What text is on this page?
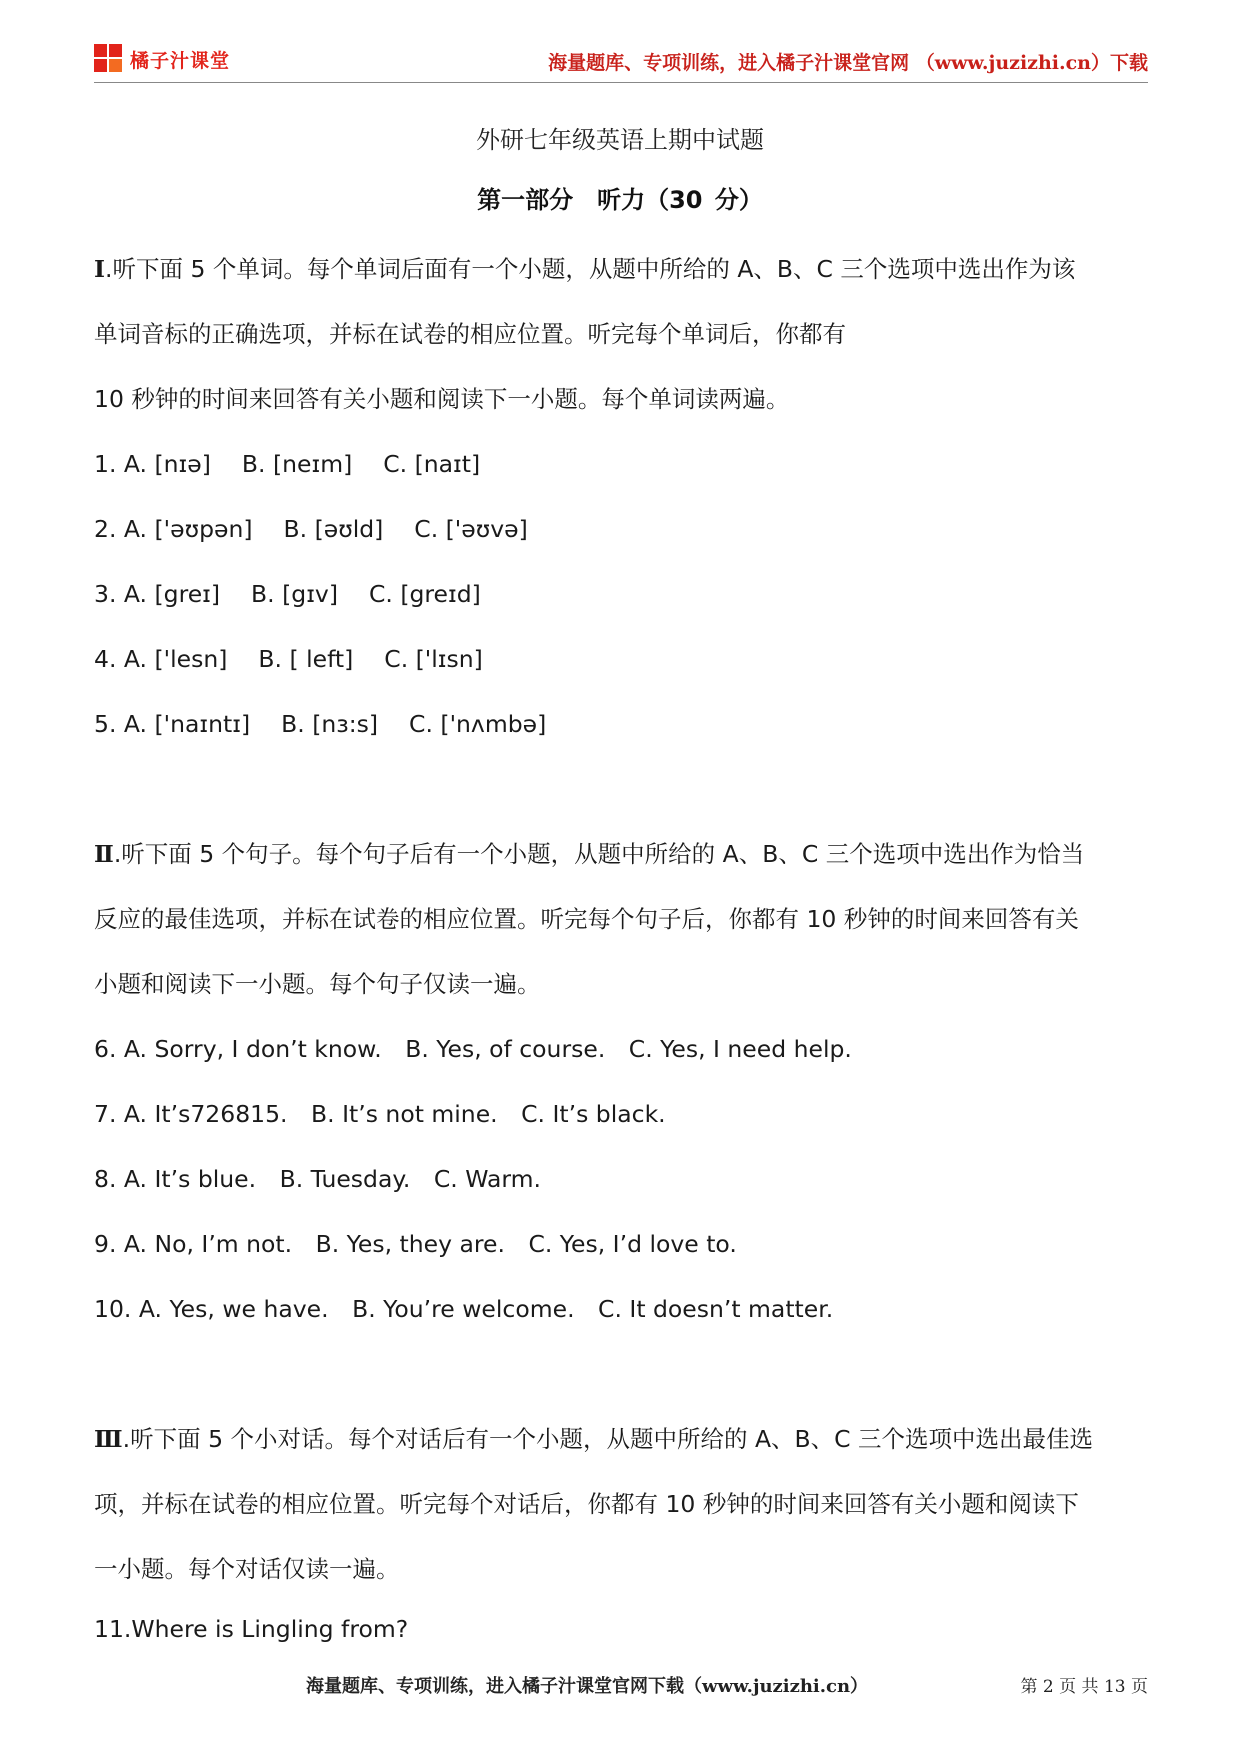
橘子汁课堂	海量题库、专项训练，进入橘子汁课堂官网 （www.juzizhi.cn）下载
外研七年级英语上期中试题
第一部分　听力（30 分）
Ⅰ.听下面 5 个单词。每个单词后面有一个小题，从题中所给的 A、B、C 三个选项中选出作为该
单词音标的正确选项，并标在试卷的相应位置。听完每个单词后，你都有
10 秒钟的时间来回答有关小题和阅读下一小题。每个单词读两遍。
1. A. [nɪə]　 B. [neɪm]　 C. [naɪt]
2. A. ['əʊpən]　 B. [əʊld]　 C. ['əʊvə]
3. A. [greɪ]　 B. [gɪv]　 C. [greɪd]
4. A. ['lesn]　 B. [ left]　 C. ['lɪsn]
5. A. ['naɪntɪ]　 B. [nɜ:s]　 C. ['nʌmbə]
Ⅱ.听下面 5 个句子。每个句子后有一个小题，从题中所给的 A、B、C 三个选项中选出作为恰当
反应的最佳选项，并标在试卷的相应位置。听完每个句子后，你都有 10 秒钟的时间来回答有关
小题和阅读下一小题。每个句子仅读一遍。
6. A. Sorry, I don’t know.　B. Yes, of course.　C. Yes, I need help.
7. A. It’s726815.　B. It’s not mine.　C. It’s black.
8. A. It’s blue.　B. Tuesday.　C. Warm.
9. A. No, I’m not.　B. Yes, they are.　C. Yes, I’d love to.
10. A. Yes, we have.　B. You’re welcome.　C. It doesn’t matter.
Ⅲ.听下面 5 个小对话。每个对话后有一个小题，从题中所给的 A、B、C 三个选项中选出最佳选
项，并标在试卷的相应位置。听完每个对话后，你都有 10 秒钟的时间来回答有关小题和阅读下
一小题。每个对话仅读一遍。
11.Where is Lingling from?
海量题库、专项训练，进入橘子汁课堂官网下载（www.juzizhi.cn）	第 2 页 共 13 页
